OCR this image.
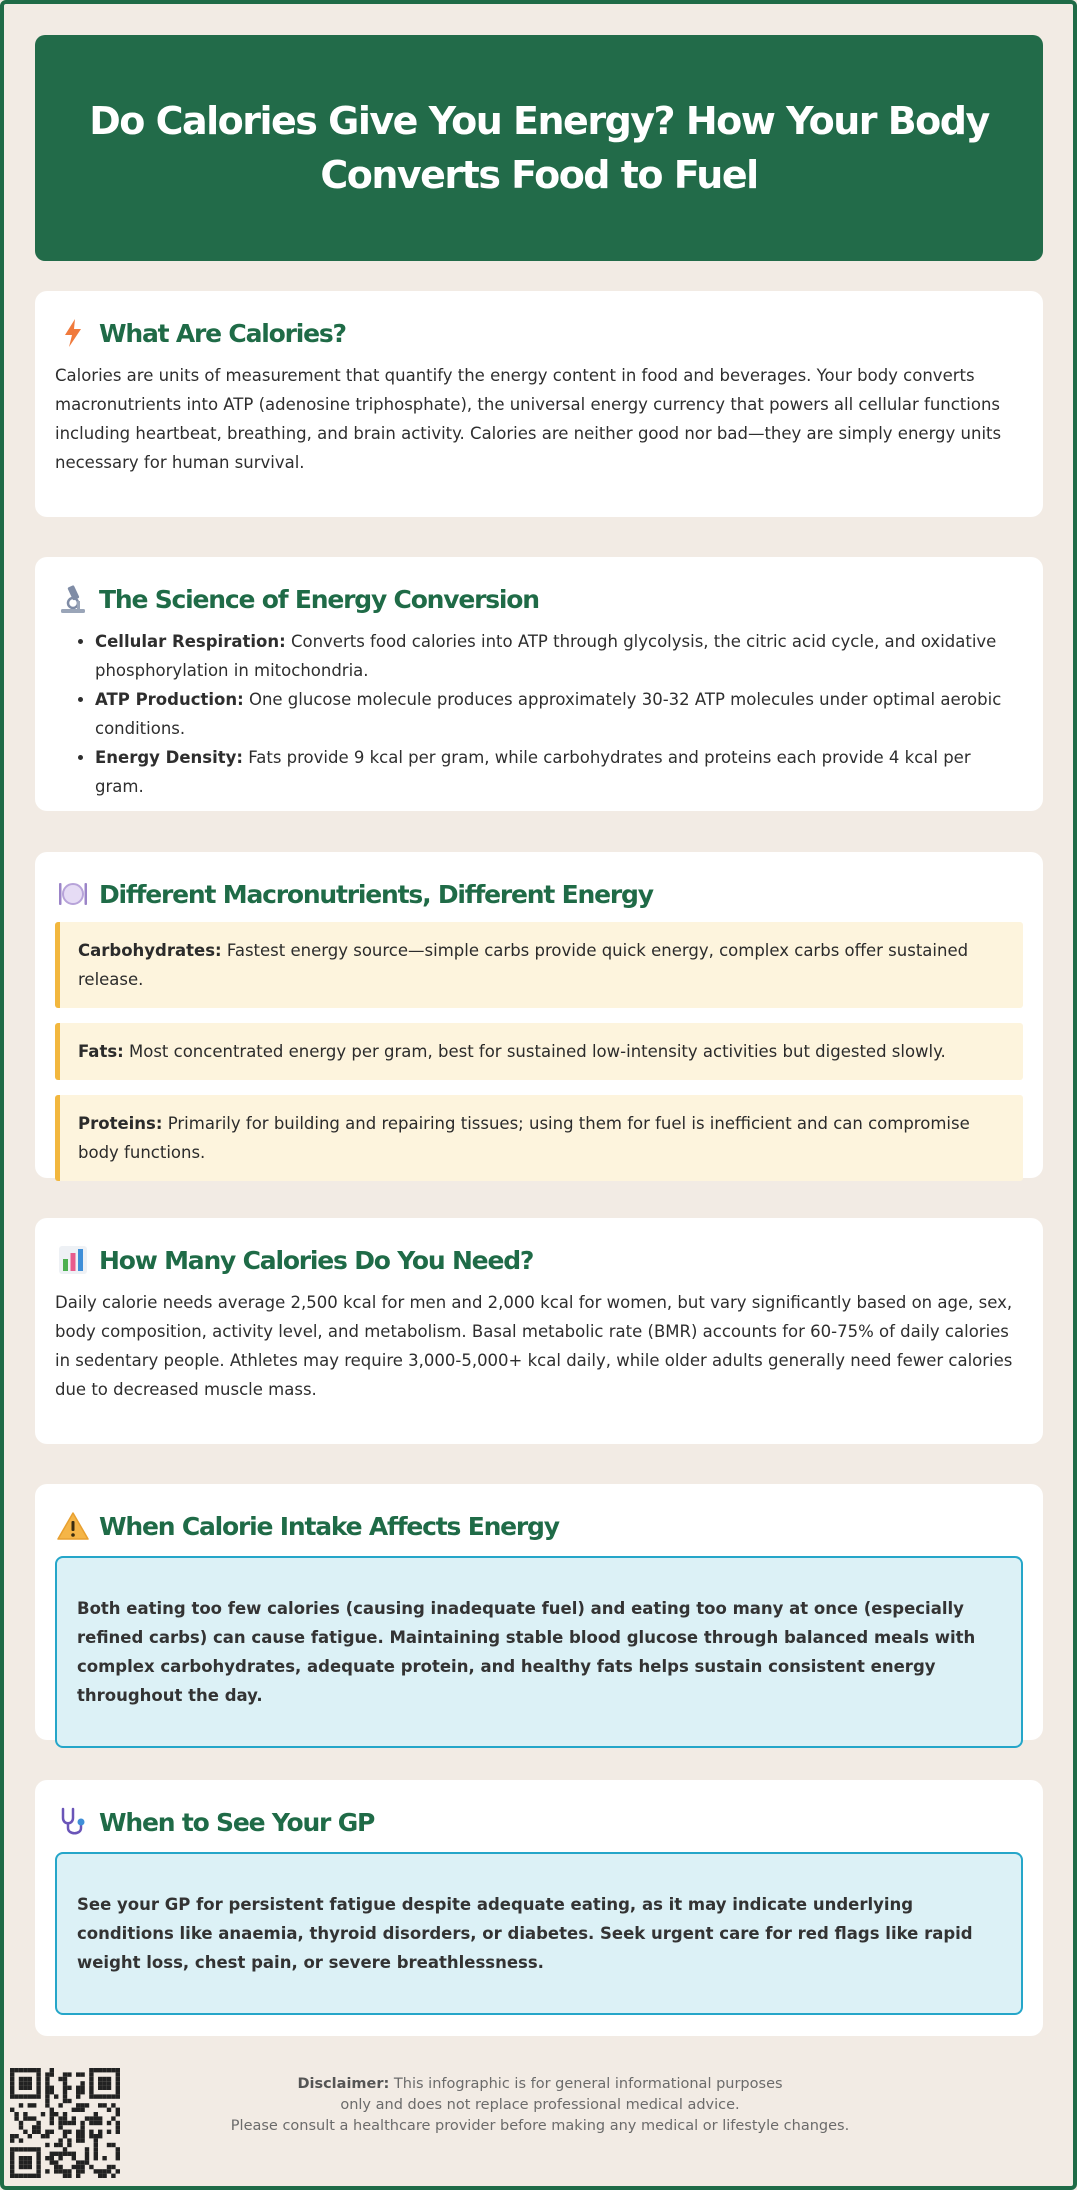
Do Calories Give You Energy? How Your Body Converts Food to Fuel
What Are Calories?

Calories are units of measurement that quantify the energy content in food and beverages. Your body converts macronutrients into ATP (adenosine triphosphate), the universal energy currency that powers all cellular functions including heartbeat, breathing, and brain activity. Calories are neither good nor bad—they are simply energy units necessary for human survival.

The Science of Energy Conversion
• Cellular Respiration: Converts food calories into ATP through glycolysis, the citric acid cycle, and oxidative phosphorylation in mitochondria.
• ATP Production: One glucose molecule produces approximately 30-32 ATP molecules under optimal aerobic conditions.
• Energy Density: Fats provide 9 kcal per gram, while carbohydrates and proteins each provide 4 kcal per gram.
Different Macronutrients, Different Energy
Carbohydrates: Fastest energy source—simple carbs provide quick energy, complex carbs offer sustained release.
Fats: Most concentrated energy per gram, best for sustained low-intensity activities but digested slowly.
Proteins: Primarily for building and repairing tissues; using them for fuel is inefficient and can compromise body functions.
How Many Calories Do You Need?

Daily calorie needs average 2,500 kcal for men and 2,000 kcal for women, but vary significantly based on age, sex, body composition, activity level, and metabolism. Basal metabolic rate (BMR) accounts for 60-75% of daily calories in sedentary people. Athletes may require 3,000-5,000+ kcal daily, while older adults generally need fewer calories due to decreased muscle mass.

When Calorie Intake Affects Energy
Both eating too few calories (causing inadequate fuel) and eating too many at once (especially refined carbs) can cause fatigue. Maintaining stable blood glucose through balanced meals with complex carbohydrates, adequate protein, and healthy fats helps sustain consistent energy throughout the day.
When to See Your GP
See your GP for persistent fatigue despite adequate eating, as it may indicate underlying conditions like anaemia, thyroid disorders, or diabetes. Seek urgent care for red flags like rapid weight loss, chest pain, or severe breathlessness.
Disclaimer: This infographic is for general informational purposes
only and does not replace professional medical advice.
Please consult a healthcare provider before making any medical or lifestyle changes.
